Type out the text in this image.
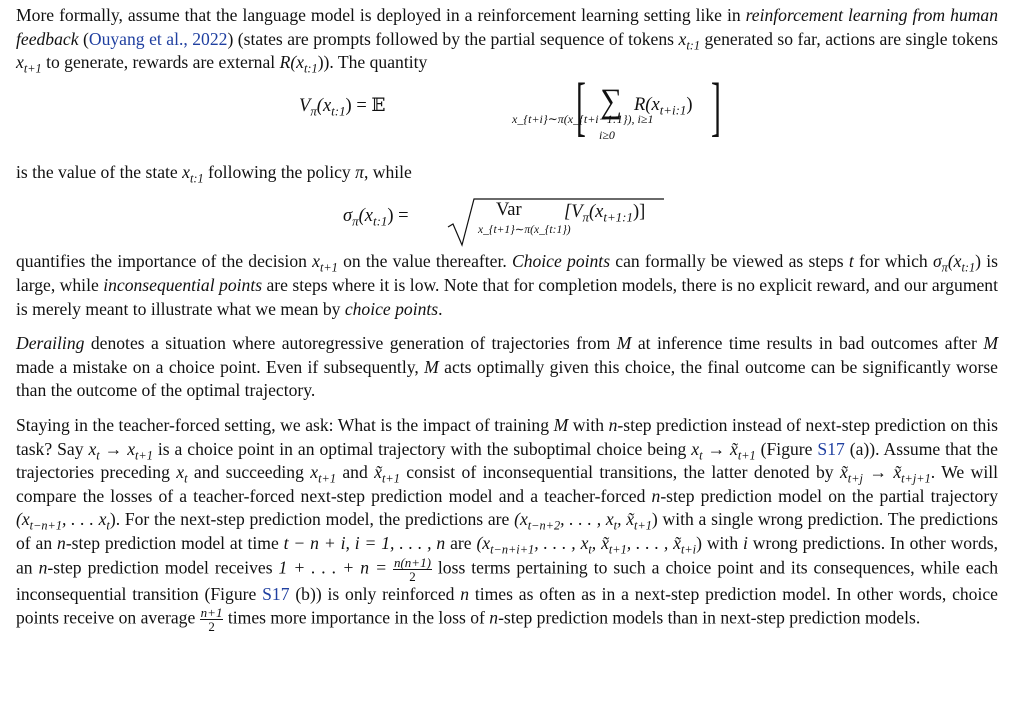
More formally, assume that the language model is deployed in a reinforcement learning setting like in reinforcement learning from human feedback (Ouyang et al., 2022) (states are prompts followed by the partial sequence of tokens $x_{t:1}$ generated so far, actions are single tokens $x_{t+1}$ to generate, rewards are external $R(x_{t:1})$). The quantity

$V_\pi(x_{t:1})$ = 𝔼
x_{t+i}∼π(x_{t+i−1:1}), i≥1
[ ∑
i≥0
$R(x_{t+i:1})$ ]

is the value of the state $x_{t:1}$ following the policy π, while

$\sigma_\pi(x_{t:1})$ =	Var
x_{t+1}∼π(x_{t:1})
$[V_\pi(x_{t+1:1})]$

quantifies the importance of the decision $x_{t+1}$ on the value thereafter. Choice points can formally be viewed as steps t for which $\sigma_\pi(x_{t:1})$ is large, while inconsequential points are steps where it is low. Note that for completion models, there is no explicit reward, and our argument is merely meant to illustrate what we mean by choice points.

Derailing denotes a situation where autoregressive generation of trajectories from M at inference time results in bad outcomes after M made a mistake on a choice point. Even if subsequently, M acts optimally given this choice, the final outcome can be significantly worse than the outcome of the optimal trajectory.

Staying in the teacher-forced setting, we ask: What is the impact of training M with n-step prediction instead of next-step prediction on this task? Say $x_t \to x_{t+1}$ is a choice point in an optimal trajectory with the suboptimal choice being $x_t$ → $x̃_{t+1}$ (Figure S17 (a)). Assume that the trajectories preceding $x_t$ and succeeding $x_{t+1}$ and $x̃_{t+1}$ consist of inconsequential transitions, the latter denoted by $x̃_{t+j}$ → $x̃_{t+j+1}$. We will compare the losses of a teacher-forced next-step prediction model and a teacher-forced n-step prediction model on the partial trajectory ($x_{t-n+1}$, . . . $x_t$). For the next-step prediction model, the predictions are ($x_{t-n+2}$, . . . , $x_t$, $x̃_{t+1}$) with a single wrong prediction. The predictions of an n-step prediction model at time t − n + i, i = 1, . . . , n are ($x_{t-n+i+1}$, . . . , $x_t$, $x̃_{t+1}$, . . . , $x̃_{t+i}$) with i wrong predictions. In other words, an n-step prediction model receives 1 + . . . + $n = \frac{n(n+1)}{2}$ loss terms pertaining to such a choice point and its consequences, while each inconsequential transition (Figure S17 (b)) is only reinforced n times as often as in a next-step prediction model. In other words, choice points receive on average $\frac{n+1}{2}$ times more importance in the loss of n-step prediction models than in next-step prediction models.
